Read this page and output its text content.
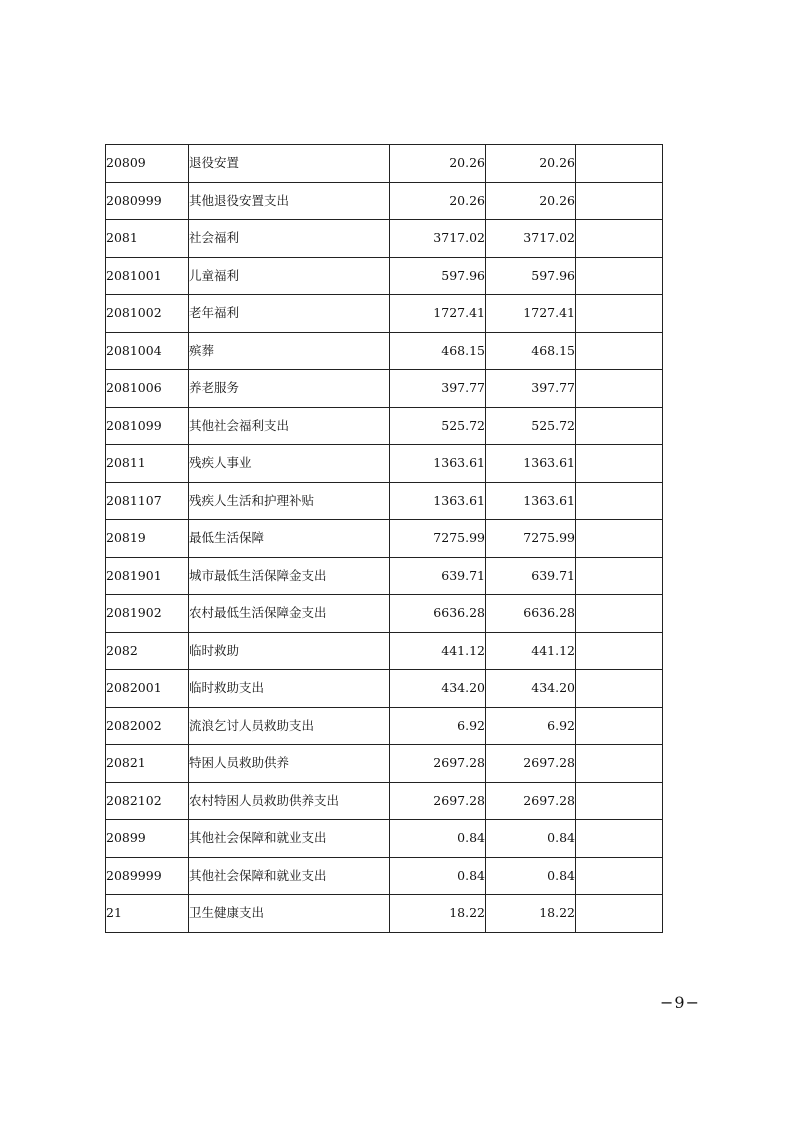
20809	退役安置	20.26	20.26	
2080999	其他退役安置支出	20.26	20.26	
2081	社会福利	3717.02	3717.02	
2081001	儿童福利	597.96	597.96	
2081002	老年福利	1727.41	1727.41	
2081004	殡葬	468.15	468.15	
2081006	养老服务	397.77	397.77	
2081099	其他社会福利支出	525.72	525.72	
20811	残疾人事业	1363.61	1363.61	
2081107	残疾人生活和护理补贴	1363.61	1363.61	
20819	最低生活保障	7275.99	7275.99	
2081901	城市最低生活保障金支出	639.71	639.71	
2081902	农村最低生活保障金支出	6636.28	6636.28	
2082	临时救助	441.12	441.12	
2082001	临时救助支出	434.20	434.20	
2082002	流浪乞讨人员救助支出	6.92	6.92	
20821	特困人员救助供养	2697.28	2697.28	
2082102	农村特困人员救助供养支出	2697.28	2697.28	
20899	其他社会保障和就业支出	0.84	0.84	
2089999	其他社会保障和就业支出	0.84	0.84	
21	卫生健康支出	18.22	18.22	
−9−
